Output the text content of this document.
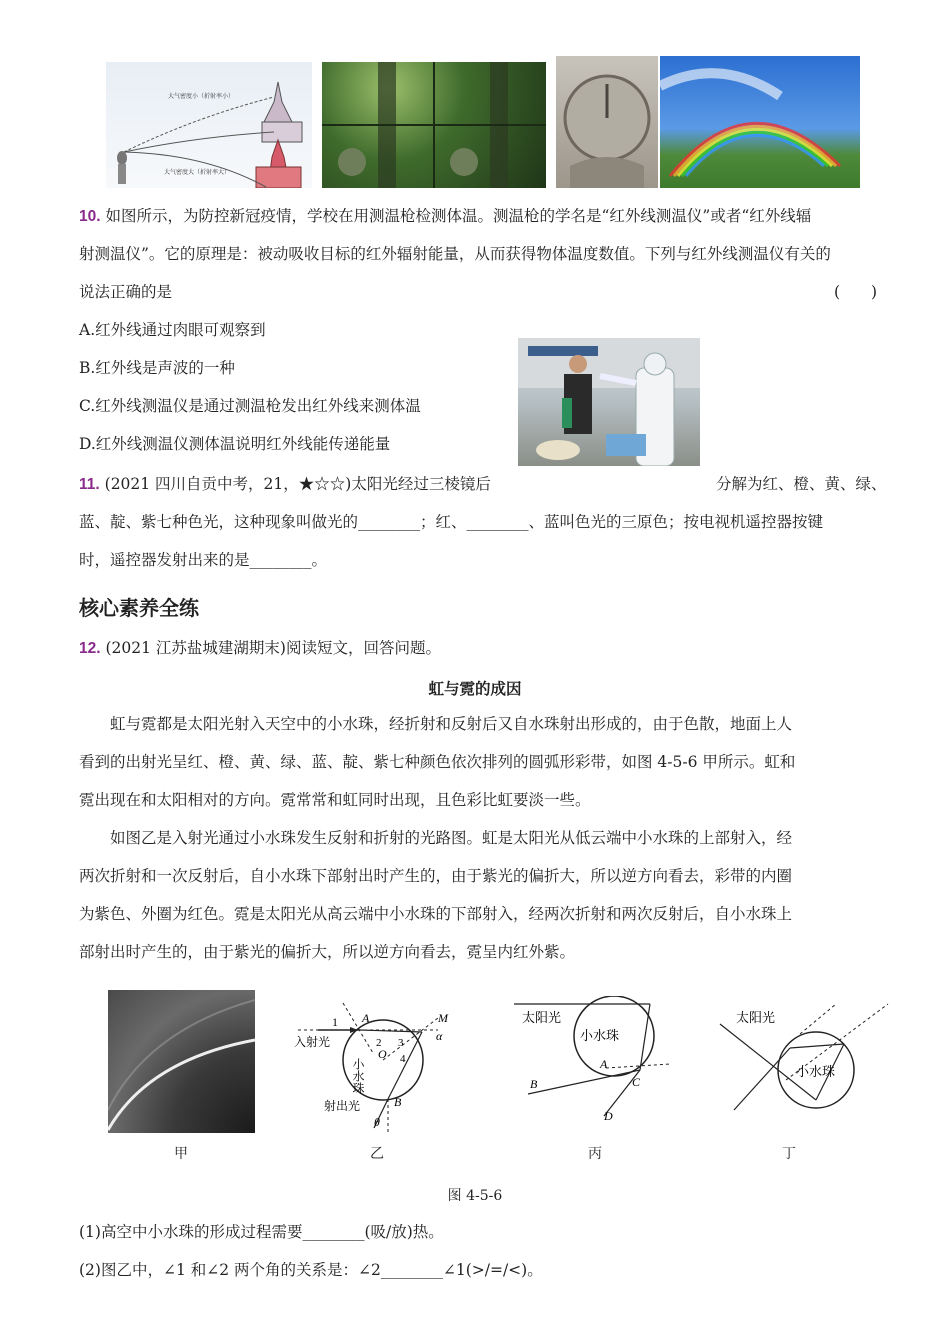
大气密度小（折射率小）
大气密度大（折射率大）
10. 如图所示，为防控新冠疫情，学校在用测温枪检测体温。测温枪的学名是“红外线测温仪”或者“红外线辐
射测温仪”。它的原理是：被动吸收目标的红外辐射能量，从而获得物体温度数值。下列与红外线测温仪有关的
说法正确的是	(　　)
A.红外线通过肉眼可观察到
B.红外线是声波的一种
C.红外线测温仪是通过测温枪发出红外线来测体温
D.红外线测温仪测体温说明红外线能传递能量
11. (2021 四川自贡中考，21，★☆☆)太阳光经过三棱镜后	分解为红、橙、黄、绿、
蓝、靛、紫七种色光，这种现象叫做光的________；红、________、蓝叫色光的三原色；按电视机遥控器按键
时，遥控器发射出来的是________。
核心素养全练
12. (2021 江苏盐城建湖期末)阅读短文，回答问题。
虹与霓的成因

　　虹与霓都是太阳光射入天空中的小水珠，经折射和反射后又自水珠射出形成的，由于色散，地面上人

看到的出射光呈红、橙、黄、绿、蓝、靛、紫七种颜色依次排列的圆弧形彩带，如图 4-5-6 甲所示。虹和

霓出现在和太阳相对的方向。霓常常和虹同时出现，且色彩比虹要淡一些。

　　如图乙是入射光通过小水珠发生反射和折射的光路图。虹是太阳光从低云端中小水珠的上部射入，经

两次折射和一次反射后，自小水珠下部射出时产生的，由于紫光的偏折大，所以逆方向看去，彩带的内圈

为紫色、外圈为红色。霓是太阳光从高云端中小水珠的下部射入，经两次折射和两次反射后，自小水珠上

部射出时产生的，由于紫光的偏折大，所以逆方向看去，霓呈内红外紫。

甲
1 A
2 3
4
O
M
α
B
θ
入射光
射出光
小水珠
乙
太阳光
小水珠
A
B	C
D
丙
太阳光
小水珠
丁
图 4-5-6
(1)高空中小水珠的形成过程需要________(吸/放)热。
(2)图乙中，∠1 和∠2 两个角的关系是：∠2________∠1(>/=/<)。
